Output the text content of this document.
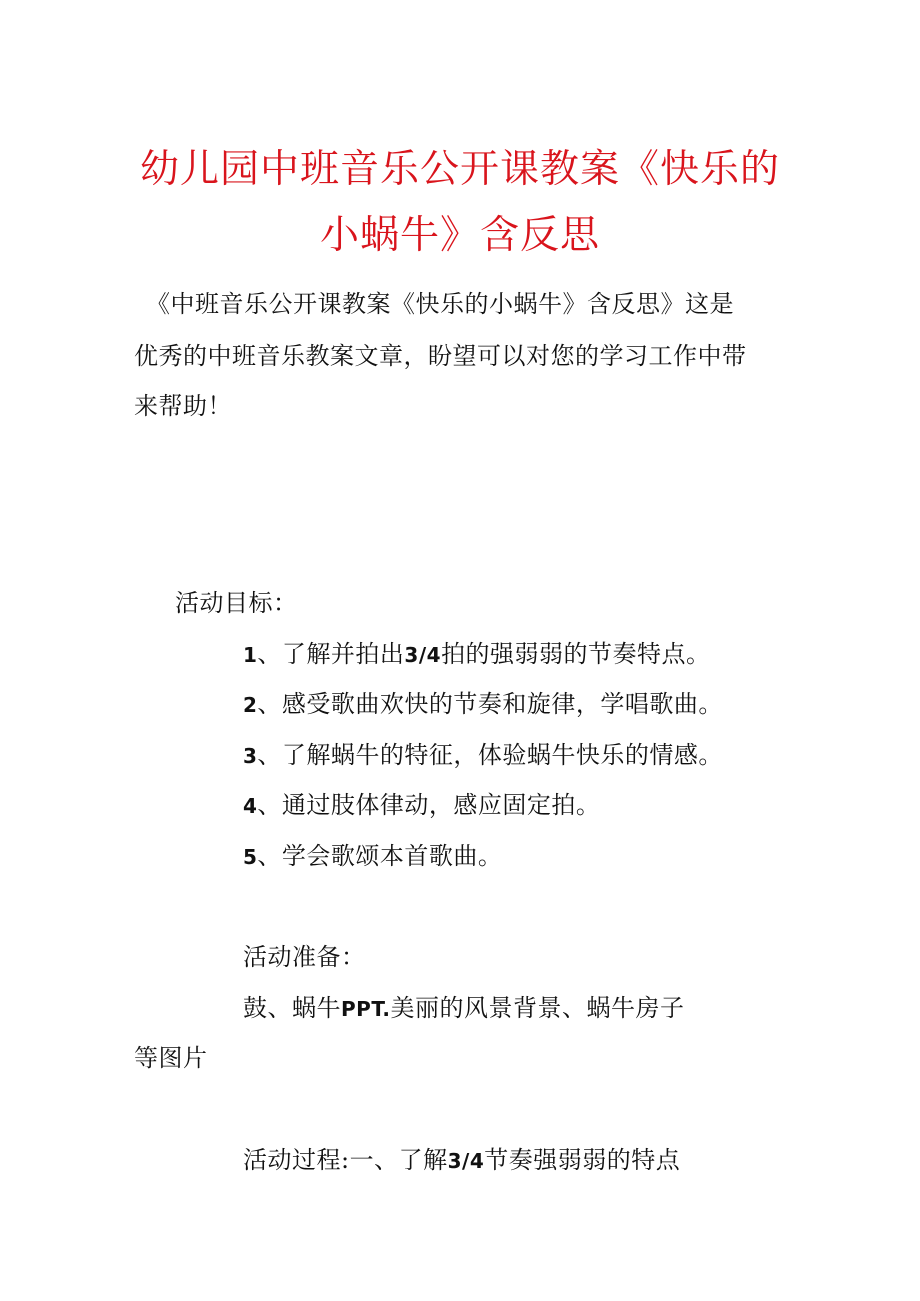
幼儿园中班音乐公开课教案《快乐的
小蜗牛》含反思
《中班音乐公开课教案《快乐的小蜗牛》含反思》这是
优秀的中班音乐教案文章，盼望可以对您的学习工作中带
来帮助！
活动目标：
1、了解并拍出3/4拍的强弱弱的节奏特点。
2、感受歌曲欢快的节奏和旋律，学唱歌曲。
3、了解蜗牛的特征，体验蜗牛快乐的情感。
4、通过肢体律动，感应固定拍。
5、学会歌颂本首歌曲。
活动准备：
鼓、蜗牛PPT.美丽的风景背景、蜗牛房子
等图片
活动过程:一、了解3/4节奏强弱弱的特点
